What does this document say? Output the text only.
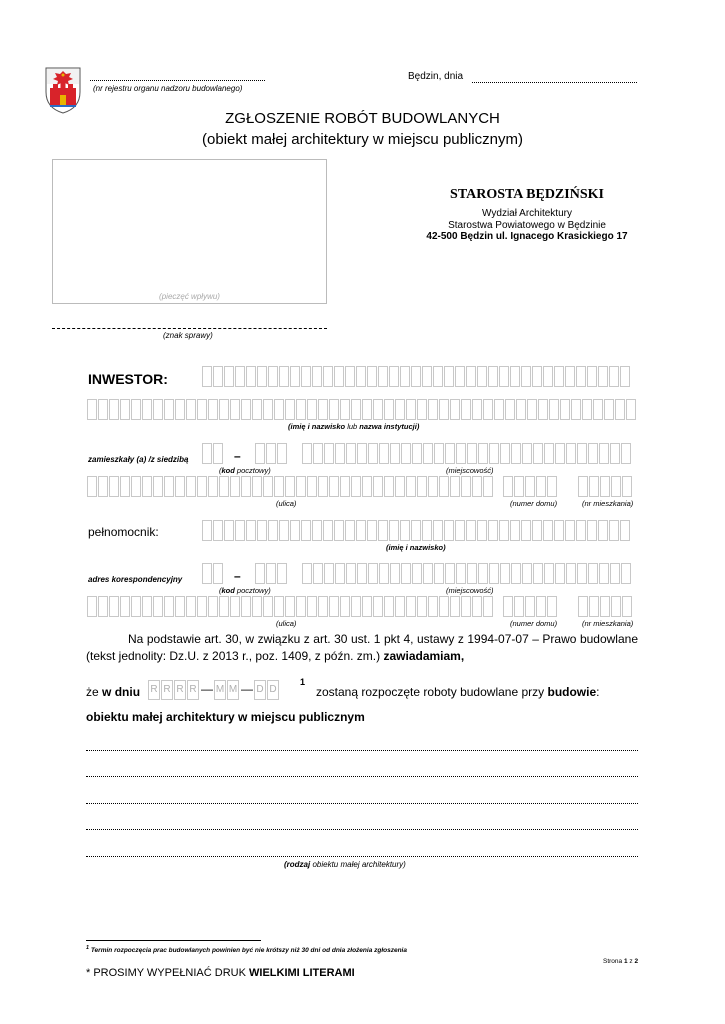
(nr rejestru organu nadzoru budowlanego)
Będzin, dnia
ZGŁOSZENIE ROBÓT BUDOWLANYCH
(obiekt małej architektury w miejscu publicznym)
(pieczęć wpływu)
(znak sprawy)
STAROSTA BĘDZIŃSKI
Wydział Architektury
Starostwa Powiatowego w Będzinie
42-500 Będzin ul. Ignacego Krasickiego 17
INWESTOR:
(imię i nazwisko lub nazwa instytucji)
zamieszkały (a) /z siedzibą	–
(kod pocztowy)	(miejscowość)
(ulica)	(numer domu)	(nr mieszkania)
pełnomocnik:
(imię i nazwisko)
adres korespondencyjny	–
(kod pocztowy)	(miejscowość)
(ulica)	(numer domu)	(nr mieszkania)
Na podstawie art. 30, w związku z art. 30 ust. 1 pkt 4, ustawy z 1994-07-07 – Prawo budowlane (tekst jednolity: Dz.U. z 2013 r., poz. 1409, z późn. zm.) zawiadamiam,
że w dniu R R R R — M M — D D
1
zostaną rozpoczęte roboty budowlane przy budowie:
obiektu małej architektury w miejscu publicznym
(rodzaj obiektu małej architektury)
$^1$ Termin rozpoczęcia prac budowlanych powinien być nie krótszy niż 30 dni od dnia złożenia zgłoszenia
Strona 1 z 2
* PROSIMY WYPEŁNIAĆ DRUK WIELKIMI LITERAMI
